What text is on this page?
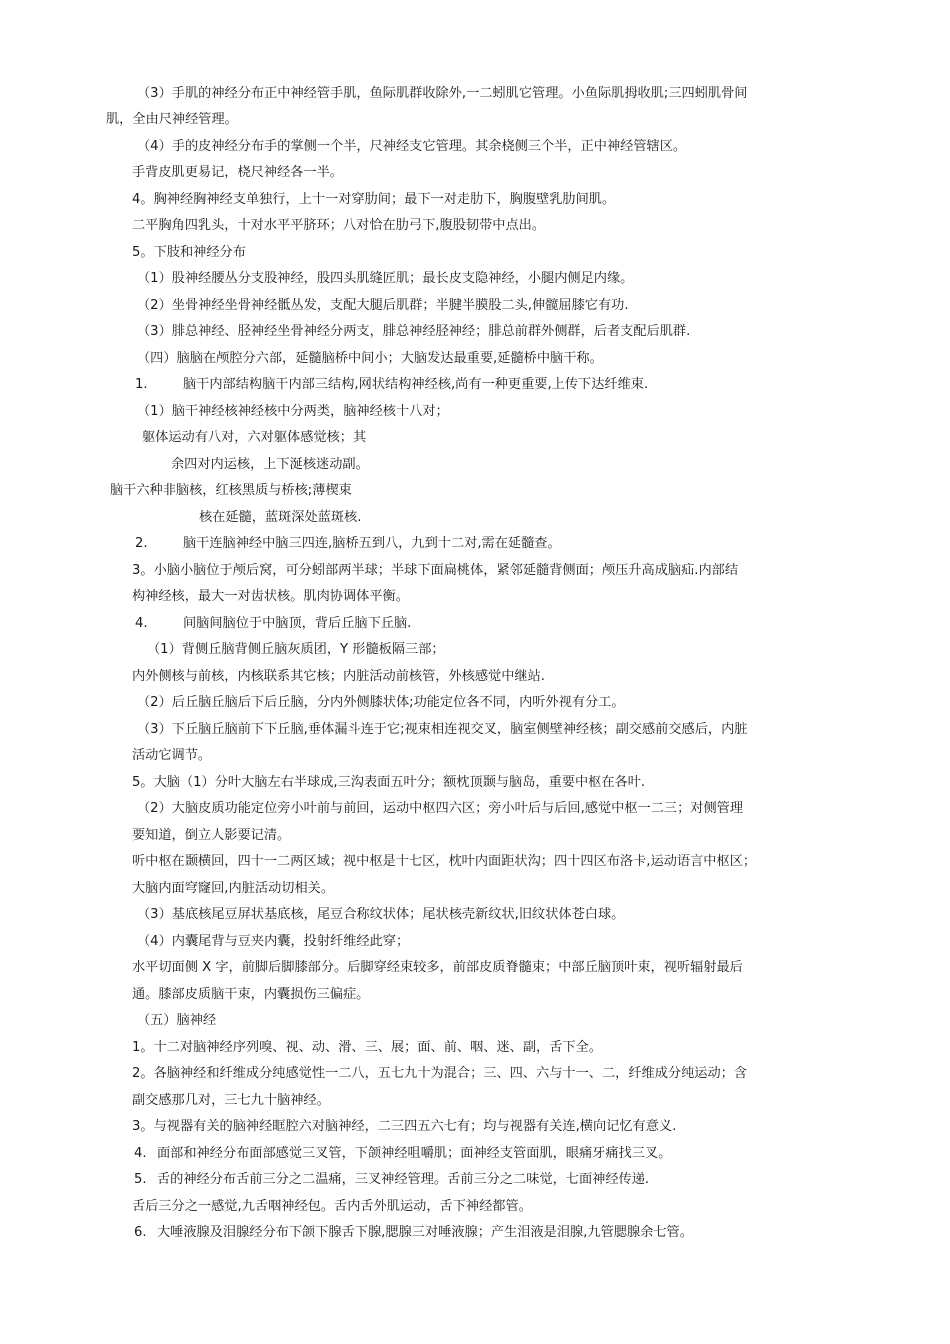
（3）手肌的神经分布正中神经管手肌，鱼际肌群收除外,一二蚓肌它管理。小鱼际肌拇收肌;三四蚓肌骨间
肌，全由尺神经管理。
（4）手的皮神经分布手的掌侧一个半，尺神经支它管理。其余桡侧三个半，正中神经管辖区。
手背皮肌更易记，桡尺神经各一半。
4。胸神经胸神经支单独行，上十一对穿肋间；最下一对走肋下，胸腹壁乳肋间肌。
二平胸角四乳头，十对水平平脐环；八对恰在肋弓下,腹股韧带中点出。
5。下肢和神经分布
（1）股神经腰丛分支股神经，股四头肌缝匠肌；最长皮支隐神经，小腿内侧足内缘。
（2）坐骨神经坐骨神经骶丛发，支配大腿后肌群；半腱半膜股二头,伸髋屈膝它有功.
（3）腓总神经、胫神经坐骨神经分两支，腓总神经胫神经；腓总前群外侧群，后者支配后肌群.
（四）脑脑在颅腔分六部，延髓脑桥中间小；大脑发达最重要,延髓桥中脑干称。
1.	脑干内部结构脑干内部三结构,网状结构神经核,尚有一种更重要,上传下达纤维束.
（1）脑干神经核神经核中分两类，脑神经核十八对；
躯体运动有八对，六对躯体感觉核；其
余四对内运核，上下涎核迷动副。
脑干六种非脑核，红核黑质与桥核;薄楔束
核在延髓，蓝斑深处蓝斑核.
2.	脑干连脑神经中脑三四连,脑桥五到八，九到十二对,需在延髓查。
3。小脑小脑位于颅后窝，可分蚓部两半球；半球下面扁桃体，紧邻延髓背侧面；颅压升高成脑疝.内部结
构神经核，最大一对齿状核。肌肉协调体平衡。
4.	间脑间脑位于中脑顶，背后丘脑下丘脑.
（1）背侧丘脑背侧丘脑灰质团，Y 形髓板隔三部；
内外侧核与前核，内核联系其它核；内脏活动前核管，外核感觉中继站.
（2）后丘脑丘脑后下后丘脑，分内外侧膝状体;功能定位各不同，内听外视有分工。
（3）下丘脑丘脑前下下丘脑,垂体漏斗连于它;视束相连视交叉，脑室侧壁神经核；副交感前交感后，内脏
活动它调节。
5。大脑（1）分叶大脑左右半球成,三沟表面五叶分；额枕顶颞与脑岛，重要中枢在各叶.
（2）大脑皮质功能定位旁小叶前与前回，运动中枢四六区；旁小叶后与后回,感觉中枢一二三；对侧管理
要知道，倒立人影要记清。
听中枢在颞横回，四十一二两区域；视中枢是十七区，枕叶内面距状沟；四十四区布洛卡,运动语言中枢区；
大脑内面穹窿回,内脏活动切相关。
（3）基底核尾豆屏状基底核，尾豆合称纹状体；尾状核壳新纹状,旧纹状体苍白球。
（4）内囊尾背与豆夹内囊，投射纤维经此穿；
水平切面侧 X 字，前脚后脚膝部分。后脚穿经束较多，前部皮质脊髓束；中部丘脑顶叶束，视听辐射最后
通。膝部皮质脑干束，内囊损伤三偏症。
（五）脑神经
1。十二对脑神经序列嗅、视、动、滑、三、展；面、前、咽、迷、副，舌下全。
2。各脑神经和纤维成分纯感觉性一二八，五七九十为混合；三、四、六与十一、二，纤维成分纯运动；含
副交感那几对，三七九十脑神经。
3。与视器有关的脑神经眶腔六对脑神经，二三四五六七有；均与视器有关连,横向记忆有意义.
4. 面部和神经分布面部感觉三叉管，下颌神经咀嚼肌；面神经支管面肌，眼痛牙痛找三叉。
5. 舌的神经分布舌前三分之二温痛，三叉神经管理。舌前三分之二味觉，七面神经传递.
舌后三分之一感觉,九舌咽神经包。舌内舌外肌运动，舌下神经都管。
6. 大唾液腺及泪腺经分布下颌下腺舌下腺,腮腺三对唾液腺；产生泪液是泪腺,九管腮腺余七管。
